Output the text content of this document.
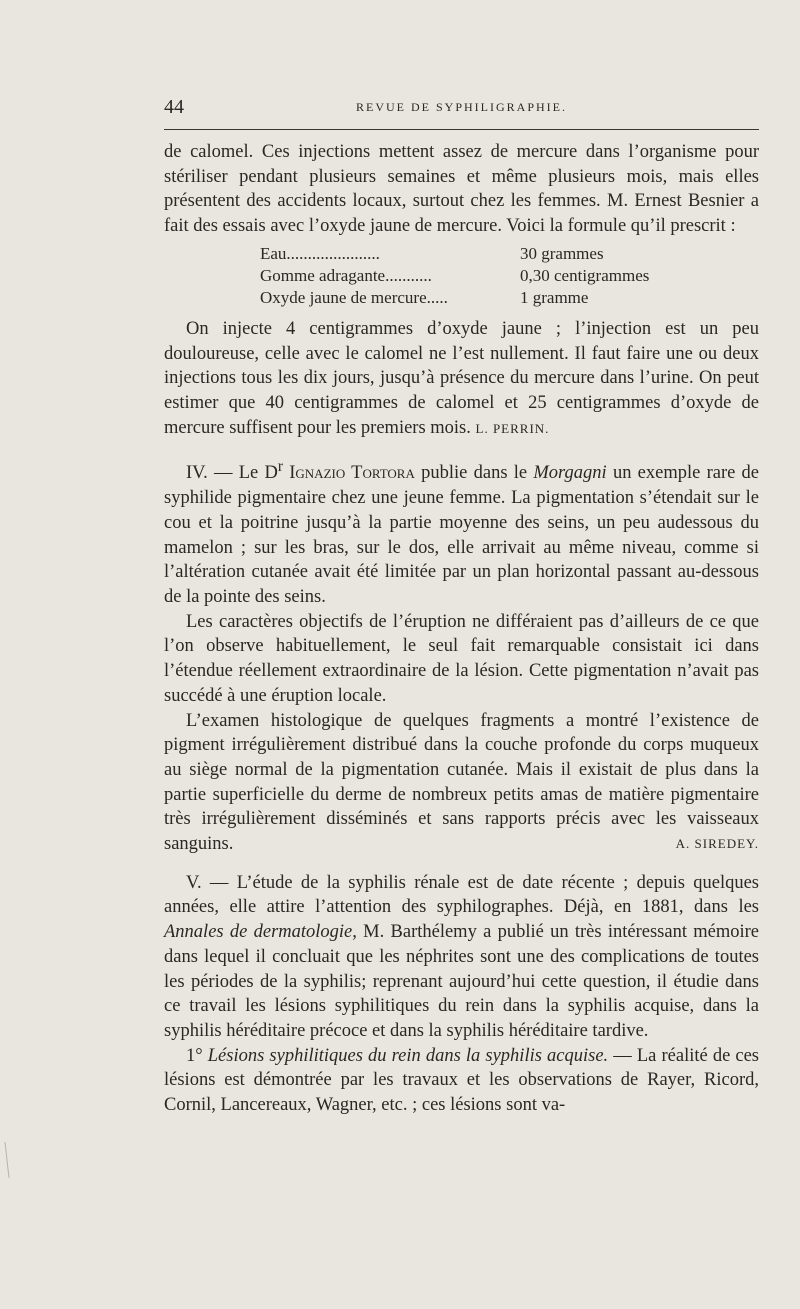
44	REVUE DE SYPHILIGRAPHIE.

de calomel. Ces injections mettent assez de mercure dans l’organisme pour stériliser pendant plusieurs semaines et même plusieurs mois, mais elles présentent des accidents locaux, surtout chez les femmes. M. Ernest Besnier a fait des essais avec l’oxyde jaune de mercure. Voici la formule qu’il prescrit :

Eau......................	30 grammes
Gomme adragante...........	0,30 centigrammes
Oxyde jaune de mercure.....	1 gramme

On injecte 4 centigrammes d’oxyde jaune ; l’injection est un peu douloureuse, celle avec le calomel ne l’est nullement. Il faut faire une ou deux injections tous les dix jours, jusqu’à présence du mercure dans l’urine. On peut estimer que 40 centigrammes de calomel et 25 centigrammes d’oxyde de mercure suffisent pour les premiers mois. L. PERRIN.

IV. — Le $D^r$ Ignazio Tortora publie dans le Morgagni un exemple rare de syphilide pigmentaire chez une jeune femme. La pigmentation s’étendait sur le cou et la poitrine jusqu’à la partie moyenne des seins, un peu audessous du mamelon ; sur les bras, sur le dos, elle arrivait au même niveau, comme si l’altération cutanée avait été limitée par un plan horizontal passant au-dessous de la pointe des seins.

Les caractères objectifs de l’éruption ne différaient pas d’ailleurs de ce que l’on observe habituellement, le seul fait remarquable consistait ici dans l’étendue réellement extraordinaire de la lésion. Cette pigmentation n’avait pas succédé à une éruption locale.

L’examen histologique de quelques fragments a montré l’existence de pigment irrégulièrement distribué dans la couche profonde du corps muqueux au siège normal de la pigmentation cutanée. Mais il existait de plus dans la partie superficielle du derme de nombreux petits amas de matière pigmentaire très irrégulièrement disséminés et sans rapports précis avec les vaisseaux sanguins.	A. SIREDEY.

V. — L’étude de la syphilis rénale est de date récente ; depuis quelques années, elle attire l’attention des syphilographes. Déjà, en 1881, dans les Annales de dermatologie, M. Barthélemy a publié un très intéressant mémoire dans lequel il concluait que les néphrites sont une des complications de toutes les périodes de la syphilis; reprenant aujourd’hui cette question, il étudie dans ce travail les lésions syphilitiques du rein dans la syphilis acquise, dans la syphilis héréditaire précoce et dans la syphilis héréditaire tardive.

1° Lésions syphilitiques du rein dans la syphilis acquise. — La réalité de ces lésions est démontrée par les travaux et les observations de Rayer, Ricord, Cornil, Lancereaux, Wagner, etc. ; ces lésions sont va-
